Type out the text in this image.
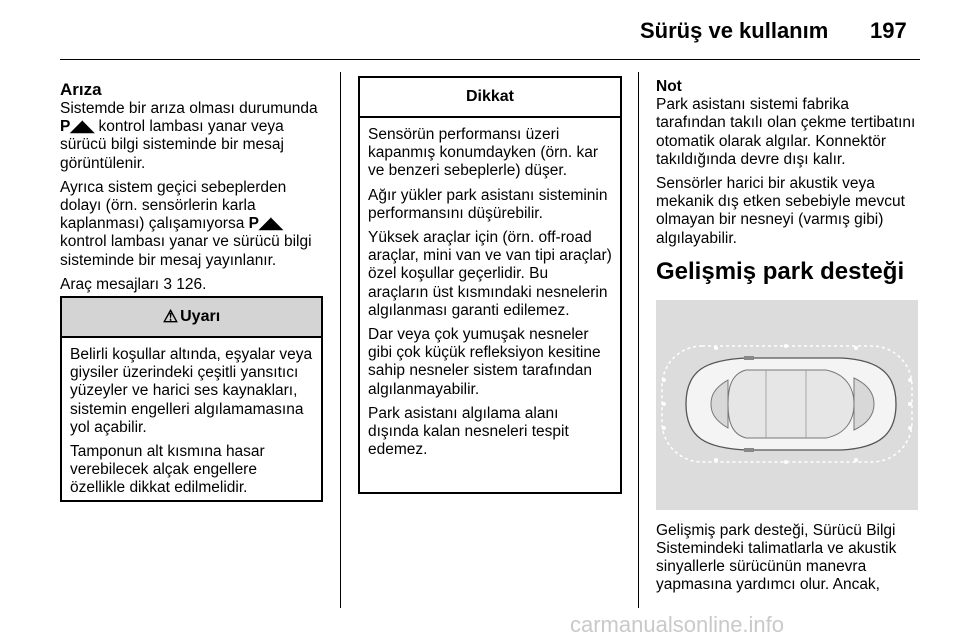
Sürüş ve kullanım 197

Arıza

Sistemde bir arıza olması durumunda P◢◣ kontrol lambası yanar veya sürücü bilgi sisteminde bir mesaj görüntülenir.

Ayrıca sistem geçici sebeplerden dolayı (örn. sensörlerin karla kaplanması) çalışamıyorsa P◢◣ kontrol lambası yanar ve sürücü bilgi sisteminde bir mesaj yayınlanır.

Araç mesajları 3 126.

⚠ Uyarı

Belirli koşullar altında, eşyalar veya giysiler üzerindeki çeşitli yansıtıcı yüzeyler ve harici ses kaynakları, sistemin engelleri algılamamasına yol açabilir.

Tamponun alt kısmına hasar verebilecek alçak engellere özellikle dikkat edilmelidir.

Dikkat

Sensörün performansı üzeri kapanmış konumdayken (örn. kar ve benzeri sebeplerle) düşer.

Ağır yükler park asistanı sisteminin performansını düşürebilir.

Yüksek araçlar için (örn. off-road araçlar, mini van ve van tipi araçlar) özel koşullar geçerlidir. Bu araçların üst kısmındaki nesnelerin algılanması garanti edilemez.

Dar veya çok yumuşak nesneler gibi çok küçük refleksiyon kesitine sahip nesneler sistem tarafından algılanmayabilir.

Park asistanı algılama alanı dışında kalan nesneleri tespit edemez.

Not

Park asistanı sistemi fabrika tarafından takılı olan çekme tertibatını otomatik olarak algılar. Konnektör takıldığında devre dışı kalır.

Sensörler harici bir akustik veya mekanik dış etken sebebiyle mevcut olmayan bir nesneyi (varmış gibi) algılayabilir.

Gelişmiş park desteği

Gelişmiş park desteği, Sürücü Bilgi Sistemindeki talimatlarla ve akustik sinyallerle sürücünün manevra yapmasına yardımcı olur. Ancak,

carmanualsonline.info
